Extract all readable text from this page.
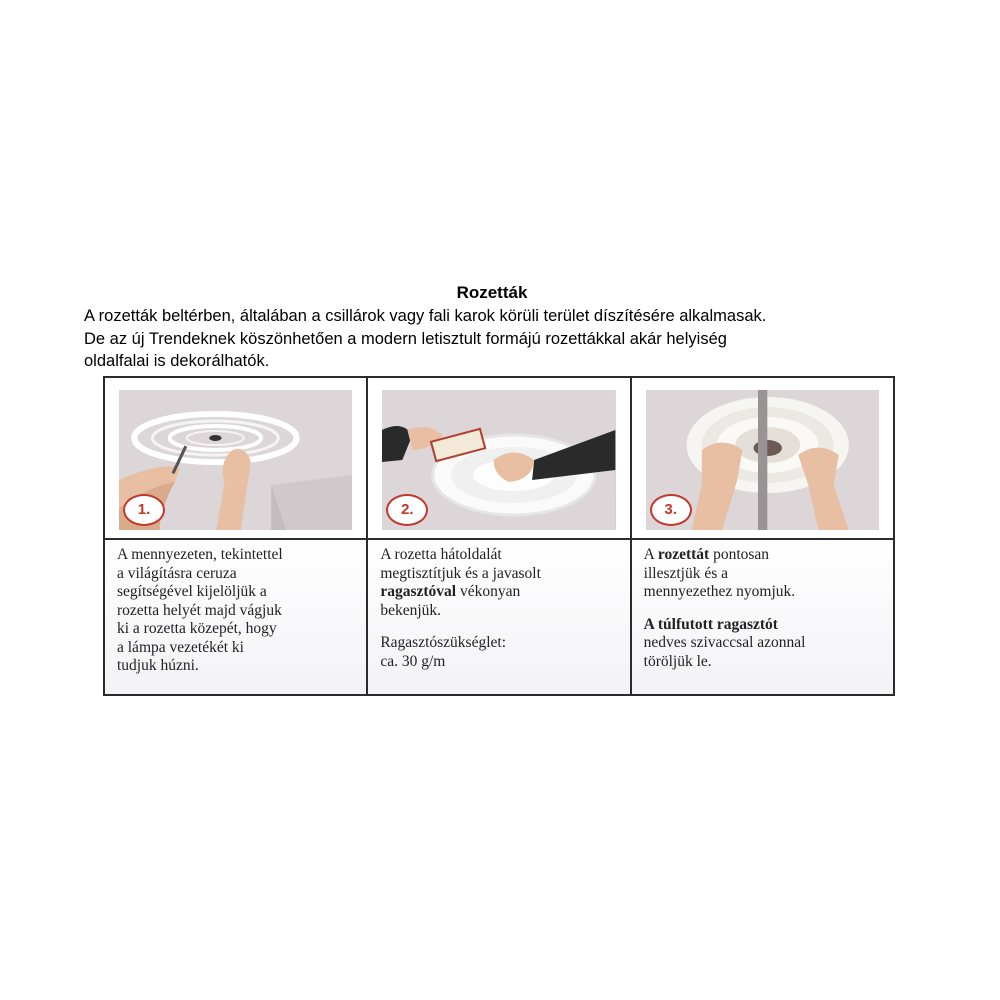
Rozetták

A rozetták beltérben, általában a csillárok vagy fali karok körüli terület díszítésére alkalmasak.
De az új Trendeknek köszönhetően a modern letisztult formájú rozettákkal akár helyiség
oldalfalai is dekorálhatók.

1.

A mennyezeten, tekintettel
a világításra ceruza
segítségével kijelöljük a
rozetta helyét majd vágjuk
ki a rozetta közepét, hogy
a lámpa vezetékét ki
tudjuk húzni.

2.

A rozetta hátoldalát
megtisztítjuk és a javasolt
ragasztóval vékonyan
bekenjük.

Ragasztószükséglet:
ca. 30 g/m

3.

A rozettát pontosan
illesztjük és a
mennyezethez nyomjuk.

A túlfutott ragasztót
nedves szivaccsal azonnal
töröljük le.
